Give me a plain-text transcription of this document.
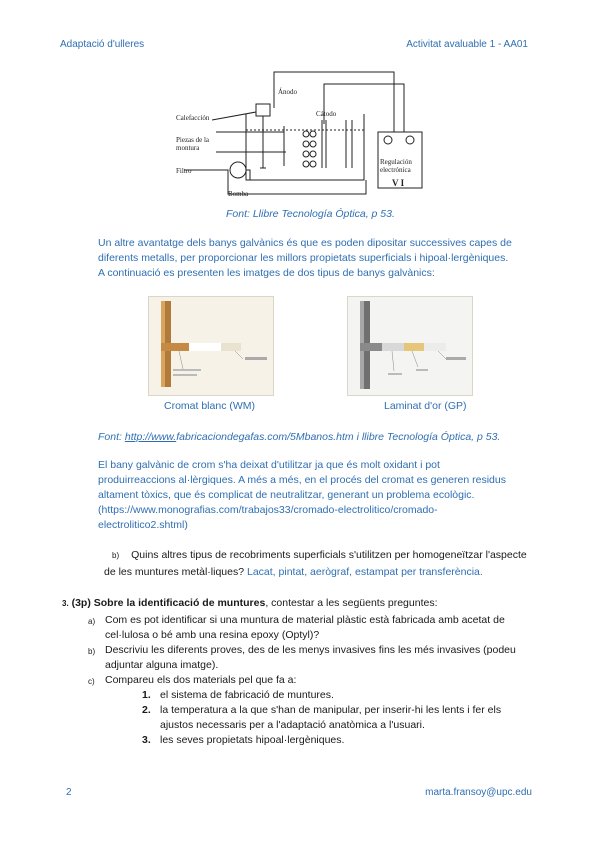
Adaptació d'ulleres	Activitat avaluable 1 - AA01
Ánodo
Calefacción	Cátodo
Piezas de la
montura
Filtro
Bomba
Regulación
electrónica
V I
Font: Llibre Tecnología Óptica, p 53.
Un altre avantatge dels banys galvànics és que es poden dipositar successives capes de
diferents metalls, per proporcionar les millors propietats superficials i hipoal·lergèniques.
A continuació es presenten les imatges de dos tipus de banys galvànics:
Cromat blanc (WM)	Laminat d'or (GP)
Font: http://www.fabricaciondegafas.com/5Mbanos.htm i llibre Tecnología Óptica, p 53.
El bany galvànic de crom s'ha deixat d'utilitzar ja que és molt oxidant i pot
produirreaccions al·lèrgiques. A més a més, en el procés del cromat es generen residus
altament tòxics, que és complicat de neutralitzar, generant un problema ecològic.
(https://www.monografias.com/trabajos33/cromado-electrolitico/cromado-
electrolitico2.shtml)
b) Quins altres tipus de recobriments superficials s'utilitzen per homogeneïtzar l'aspecte
de les muntures metàl·liques? Lacat, pintat, aerògraf, estampat per transferència.
3. (3p) Sobre la identificació de muntures, contestar a les següents preguntes:
a) Com es pot identificar si una muntura de material plàstic està fabricada amb acetat de cel·lulosa o bé amb una resina epoxy (Optyl)?
b) Descriviu les diferents proves, des de les menys invasives fins les més invasives (podeu adjuntar alguna imatge).
c) Compareu els dos materials pel que fa a:
1. el sistema de fabricació de muntures.
2. la temperatura a la que s'han de manipular, per inserir-hi les lents i fer els ajustos necessaris per a l'adaptació anatòmica a l'usuari.
3. les seves propietats hipoal·lergèniques.
2	marta.fransoy@upc.edu
